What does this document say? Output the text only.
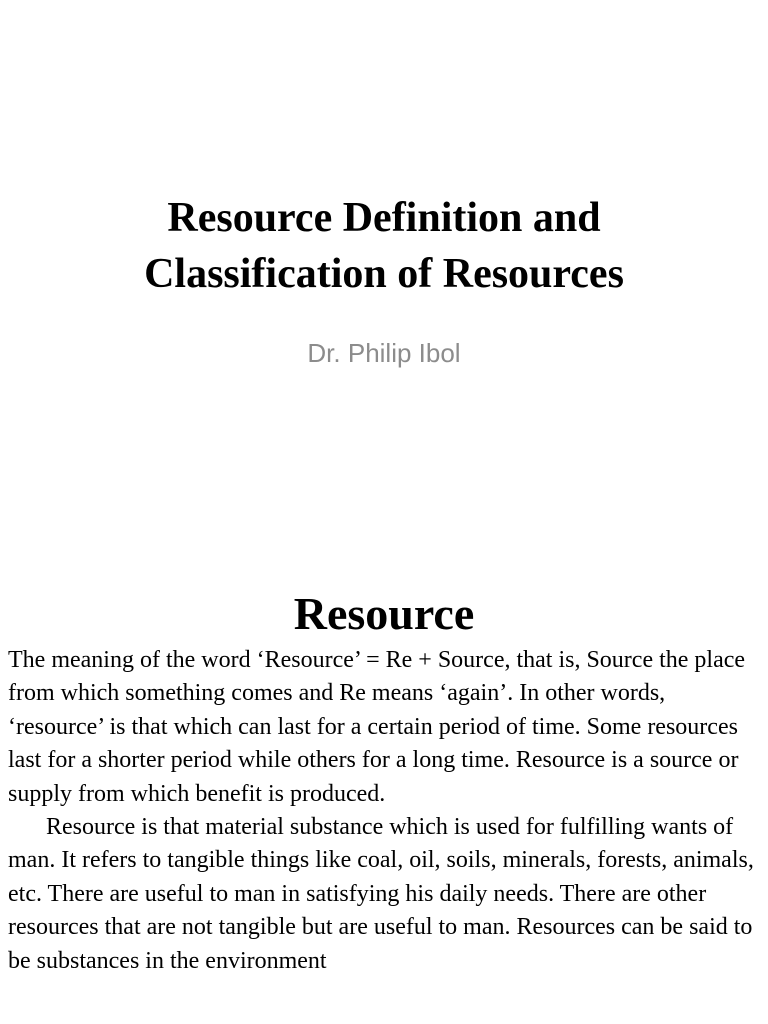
Resource Definition and
Classification of Resources
Dr. Philip Ibol
Resource

The meaning of the word ‘Resource’ = Re + Source, that is, Source the place from which something comes and Re means ‘again’. In other words, ‘resource’ is that which can last for a certain period of time. Some resources last for a shorter period while others for a long time. Resource is a source or supply from which benefit is produced.

Resource is that material substance which is used for fulfilling wants of man. It refers to tangible things like coal, oil, soils, minerals, forests, animals, etc. There are useful to man in satisfying his daily needs. There are other resources that are not tangible but are useful to man. Resources can be said to be substances in the environment
